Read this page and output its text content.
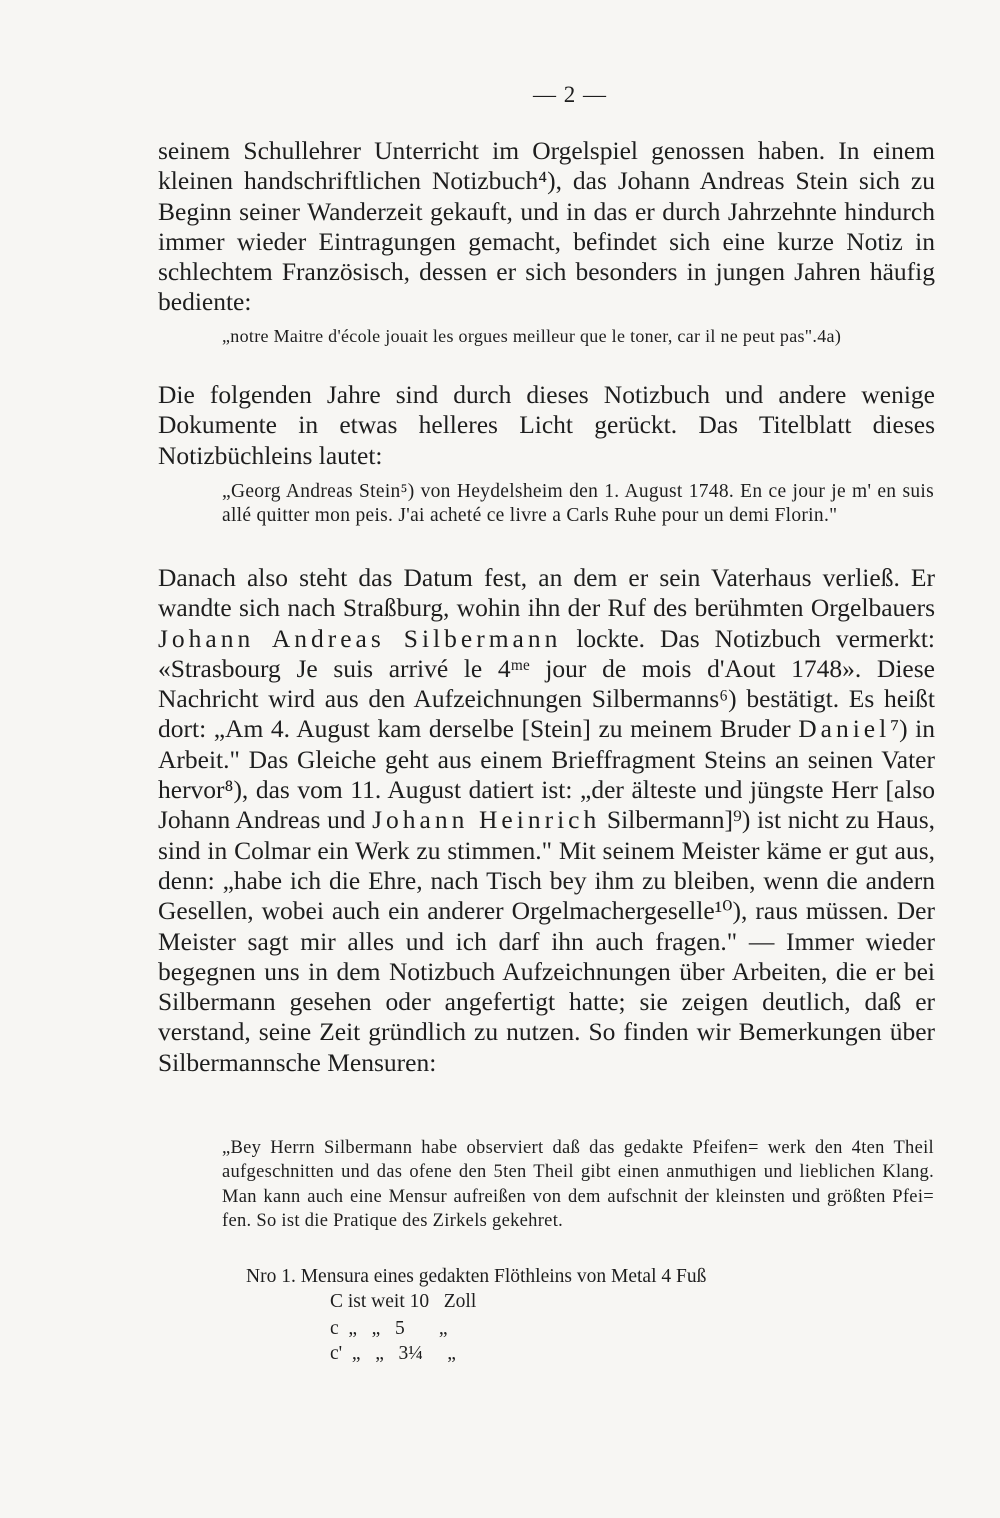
— 2 —
seinem Schullehrer Unterricht im Orgelspiel genossen haben. In einem kleinen handschriftlichen Notizbuch⁴), das Johann Andreas Stein sich zu Beginn seiner Wanderzeit gekauft, und in das er durch Jahrzehnte hindurch immer wieder Eintragungen gemacht, befindet sich eine kurze Notiz in schlechtem Französisch, dessen er sich besonders in jungen Jahren häufig bediente:
„notre Maitre d'école jouait les orgues meilleur que le toner, car il ne peut pas".4a)
Die folgenden Jahre sind durch dieses Notizbuch und andere wenige Dokumente in etwas helleres Licht gerückt. Das Titelblatt dieses Notizbüchleins lautet:
„Georg Andreas Stein⁵) von Heydelsheim den 1. August 1748. En ce jour je m' en suis allé quitter mon peis. J'ai acheté ce livre a Carls Ruhe pour un demi Florin."
Danach also steht das Datum fest, an dem er sein Vaterhaus verließ. Er wandte sich nach Straßburg, wohin ihn der Ruf des berühmten Orgelbauers Johann Andreas Silbermann lockte. Das Notizbuch vermerkt: «Strasbourg Je suis arrivé le 4ᵐᵉ jour de mois d'Aout 1748». Diese Nachricht wird aus den Aufzeichnungen Silbermanns⁶) bestätigt. Es heißt dort: „Am 4. August kam derselbe [Stein] zu meinem Bruder Daniel⁷) in Arbeit." Das Gleiche geht aus einem Brieffragment Steins an seinen Vater hervor⁸), das vom 11. August datiert ist: „der älteste und jüngste Herr [also Johann Andreas und Johann Heinrich Silbermann]⁹) ist nicht zu Haus, sind in Colmar ein Werk zu stimmen." Mit seinem Meister käme er gut aus, denn: „habe ich die Ehre, nach Tisch bey ihm zu bleiben, wenn die andern Gesellen, wobei auch ein anderer Orgelmachergeselle¹⁰), raus müssen. Der Meister sagt mir alles und ich darf ihn auch fragen." — Immer wieder begegnen uns in dem Notizbuch Aufzeichnungen über Arbeiten, die er bei Silbermann gesehen oder angefertigt hatte; sie zeigen deutlich, daß er verstand, seine Zeit gründlich zu nutzen. So finden wir Bemerkungen über Silbermannsche Mensuren:
„Bey Herrn Silbermann habe observiert daß das gedakte Pfeifen= werk den 4ten Theil aufgeschnitten und das ofene den 5ten Theil gibt einen anmuthigen und lieblichen Klang. Man kann auch eine Mensur aufreißen von dem aufschnit der kleinsten und größten Pfei= fen. So ist die Pratique des Zirkels gekehret.
Nro 1. Mensura eines gedakten Flöthleins von Metal 4 Fuß
C ist weit 10   Zoll
c  „   „   5       „
c'  „   „   3¼     „
